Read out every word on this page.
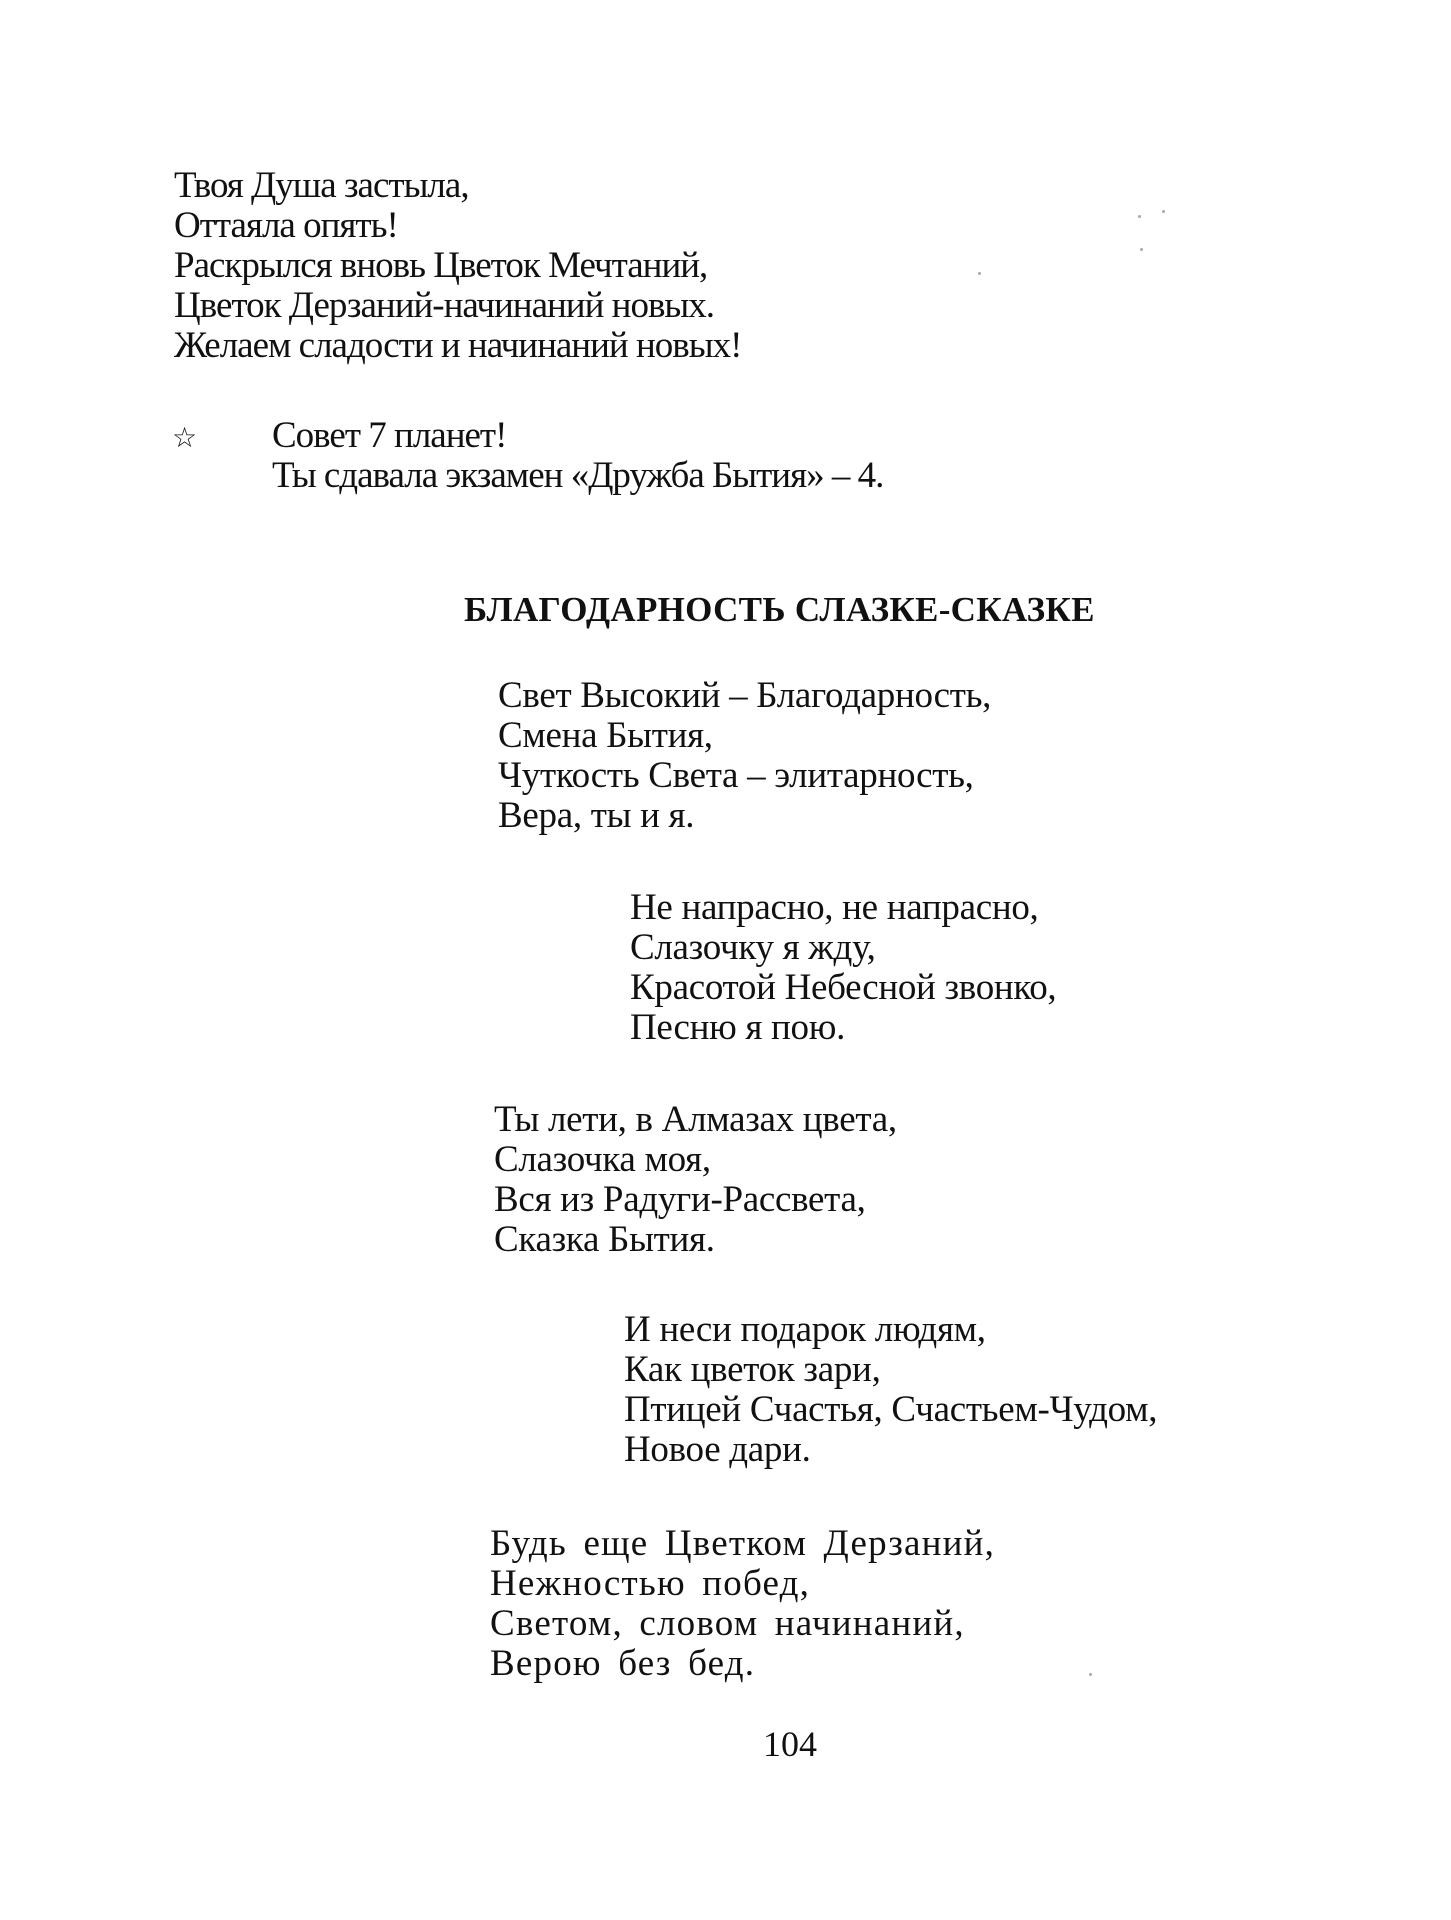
Твоя Душа застыла,
Оттаяла опять!
Раскрылся вновь Цветок Мечтаний,
Цветок Дерзаний-начинаний новых.
Желаем сладости и начинаний новых!
☆ Совет 7 планет!
Ты сдавала экзамен «Дружба Бытия» – 4.
БЛАГОДАРНОСТЬ СЛАЗКЕ-СКАЗКЕ
Свет Высокий – Благодарность,
Смена Бытия,
Чуткость Света – элитарность,
Вера, ты и я.
Не напрасно, не напрасно,
Слазочку я жду,
Красотой Небесной звонко,
Песню я пою.
Ты лети, в Алмазах цвета,
Слазочка моя,
Вся из Радуги-Рассвета,
Сказка Бытия.
И неси подарок людям,
Как цветок зари,
Птицей Счастья, Счастьем-Чудом,
Новое дари.
Будь еще Цветком Дерзаний,
Нежностью побед,
Светом, словом начинаний,
Верою без бед.
104
